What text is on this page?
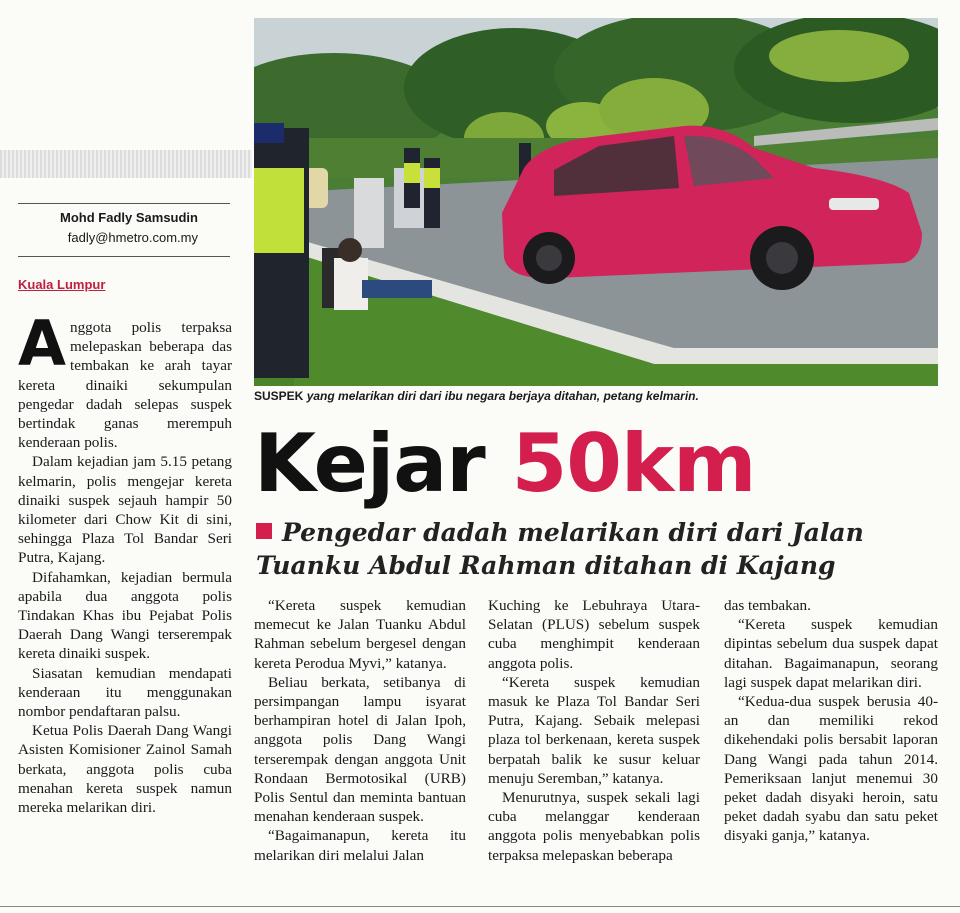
Mohd Fadly Samsudin
fadly@hmetro.com.my
Kuala Lumpur
SUSPEK yang melarikan diri dari ibu negara berjaya ditahan, petang kelmarin.
Kejar 50km
Pengedar dadah melarikan diri dari Jalan Tuanku Abdul Rahman ditahan di Kajang

Anggota polis terpaksa melepaskan beberapa das tembakan ke arah tayar kereta dinaiki sekumpulan pengedar dadah selepas suspek bertindak ganas merempuh kenderaan polis.

Dalam kejadian jam 5.15 petang kelmarin, polis mengejar kereta dinaiki suspek sejauh hampir 50 kilometer dari Chow Kit di sini, sehingga Plaza Tol Bandar Seri Putra, Kajang.

Difahamkan, kejadian bermula apabila dua anggota polis Tindakan Khas ibu Pejabat Polis Daerah Dang Wangi terserempak kereta dinaiki suspek.

Siasatan kemudian mendapati kenderaan itu menggunakan nombor pendaftaran palsu.

Ketua Polis Daerah Dang Wangi Asisten Komisioner Zainol Samah berkata, anggota polis cuba menahan kereta suspek namun mereka melarikan diri.

“Kereta suspek kemudian memecut ke Jalan Tuanku Abdul Rahman sebelum bergesel dengan kereta Perodua Myvi,” katanya.

Beliau berkata, setibanya di persimpangan lampu isyarat berhampiran hotel di Jalan Ipoh, anggota polis Dang Wangi terserempak dengan anggota Unit Rondaan Bermotosikal (URB) Polis Sentul dan meminta bantuan menahan kenderaan suspek.

“Bagaimanapun, kereta itu melarikan diri melalui Jalan

Kuching ke Lebuhraya Utara-Selatan (PLUS) sebelum suspek cuba menghimpit kenderaan anggota polis.

“Kereta suspek kemudian masuk ke Plaza Tol Bandar Seri Putra, Kajang. Sebaik melepasi plaza tol berkenaan, kereta suspek berpatah balik ke susur keluar menuju Seremban,” katanya.

Menurutnya, suspek sekali lagi cuba melanggar kenderaan anggota polis menyebabkan polis terpaksa melepaskan beberapa

das tembakan.

“Kereta suspek kemudian dipintas sebelum dua suspek dapat ditahan. Bagaimanapun, seorang lagi suspek dapat melarikan diri.

“Kedua-dua suspek berusia 40-an dan memiliki rekod dikehendaki polis bersabit laporan Dang Wangi pada tahun 2014. Pemeriksaan lanjut menemui 30 peket dadah disyaki heroin, satu peket dadah syabu dan satu peket disyaki ganja,” katanya.
